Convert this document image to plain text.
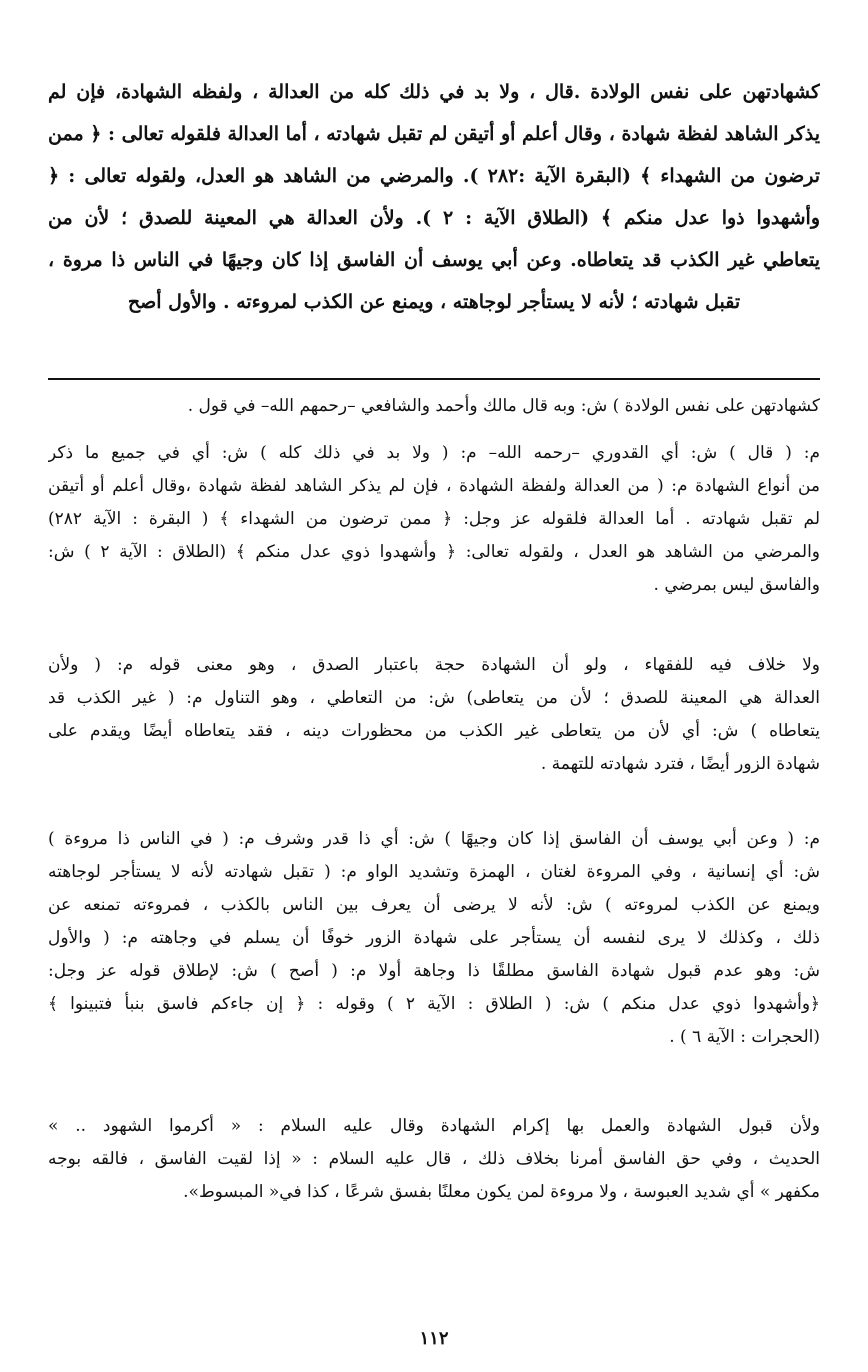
كشهادتهن على نفس الولادة .قال ، ولا بد في ذلك كله من العدالة ، ولفظه الشهادة، فإن لم
يذكر الشاهد لفظة شهادة ، وقال أعلم أو أتيقن لم تقبل شهادته ، أما العدالة فلقوله تعالى : ﴿ ممن
ترضون من الشهداء ﴾ (البقرة الآية :٢٨٢ ). والمرضي من الشاهد هو العدل، ولقوله تعالى : ﴿
وأشهدوا ذوا عدل منكم ﴾ (الطلاق الآية : ٢ ). ولأن العدالة هي المعينة للصدق ؛ لأن من
يتعاطي غير الكذب قد يتعاطاه. وعن أبي يوسف أن الفاسق إذا كان وجيهًا في الناس ذا مروة ،
تقبل شهادته ؛ لأنه لا يستأجر لوجاهته ، ويمنع عن الكذب لمروءته . والأول أصح
كشهادتهن على نفس الولادة ) ش: وبه قال مالك وأحمد والشافعي –رحمهم الله– في قول .
م: ( قال ) ش: أي القدوري –رحمه الله– م: ( ولا بد في ذلك كله ) ش: أي في جميع ما ذكر
من أنواع الشهادة م: ( من العدالة ولفظة الشهادة ، فإن لم يذكر الشاهد لفظة شهادة ،وقال أعلم أو أتيقن
لم تقبل شهادته . أما العدالة فلقوله عز وجل: ﴿ ممن ترضون من الشهداء ﴾ ( البقرة : الآية ٢٨٢)
والمرضي من الشاهد هو العدل ، ولقوله تعالى: ﴿ وأشهدوا ذوي عدل منكم ﴾ (الطلاق : الآية ٢ ) ش:
والفاسق ليس بمرضي .
ولا خلاف فيه للفقهاء ، ولو أن الشهادة حجة باعتبار الصدق ، وهو معنى قوله م: ( ولأن
العدالة هي المعينة للصدق ؛ لأن من يتعاطى) ش: من التعاطي ، وهو التناول م: ( غير الكذب قد
يتعاطاه ) ش: أي لأن من يتعاطى غير الكذب من محظورات دينه ، فقد يتعاطاه أيضًا ويقدم على
شهادة الزور أيضًا ، فترد شهادته للتهمة .
م: ( وعن أبي يوسف أن الفاسق إذا كان وجيهًا ) ش: أي ذا قدر وشرف م: ( في الناس ذا مروءة )
ش: أي إنسانية ، وفي المروءة لغتان ، الهمزة وتشديد الواو م: ( تقبل شهادته لأنه لا يستأجر لوجاهته
ويمنع عن الكذب لمروءته ) ش: لأنه لا يرضى أن يعرف بين الناس بالكذب ، فمروءته تمنعه عن
ذلك ، وكذلك لا يرى لنفسه أن يستأجر على شهادة الزور خوفًا أن يسلم في وجاهته م: ( والأول
ش: وهو عدم قبول شهادة الفاسق مطلقًا ذا وجاهة أولا م: ( أصح ) ش: لإطلاق قوله عز وجل:
﴿وأشهدوا ذوي عدل منكم ) ش: ( الطلاق : الآية ٢ ) وقوله : ﴿ إن جاءكم فاسق بنبأ فتبينوا ﴾
(الحجرات : الآية ٦ ) .
ولأن قبول الشهادة والعمل بها إكرام الشهادة وقال عليه السلام : « أكرموا الشهود .. »
الحديث ، وفي حق الفاسق أمرنا بخلاف ذلك ، قال عليه السلام : « إذا لقيت الفاسق ، فالقه بوجه
مكفهر » أي شديد العبوسة ، ولا مروءة لمن يكون معلنًا بفسق شرعًا ، كذا في« المبسوط».
١١٢
